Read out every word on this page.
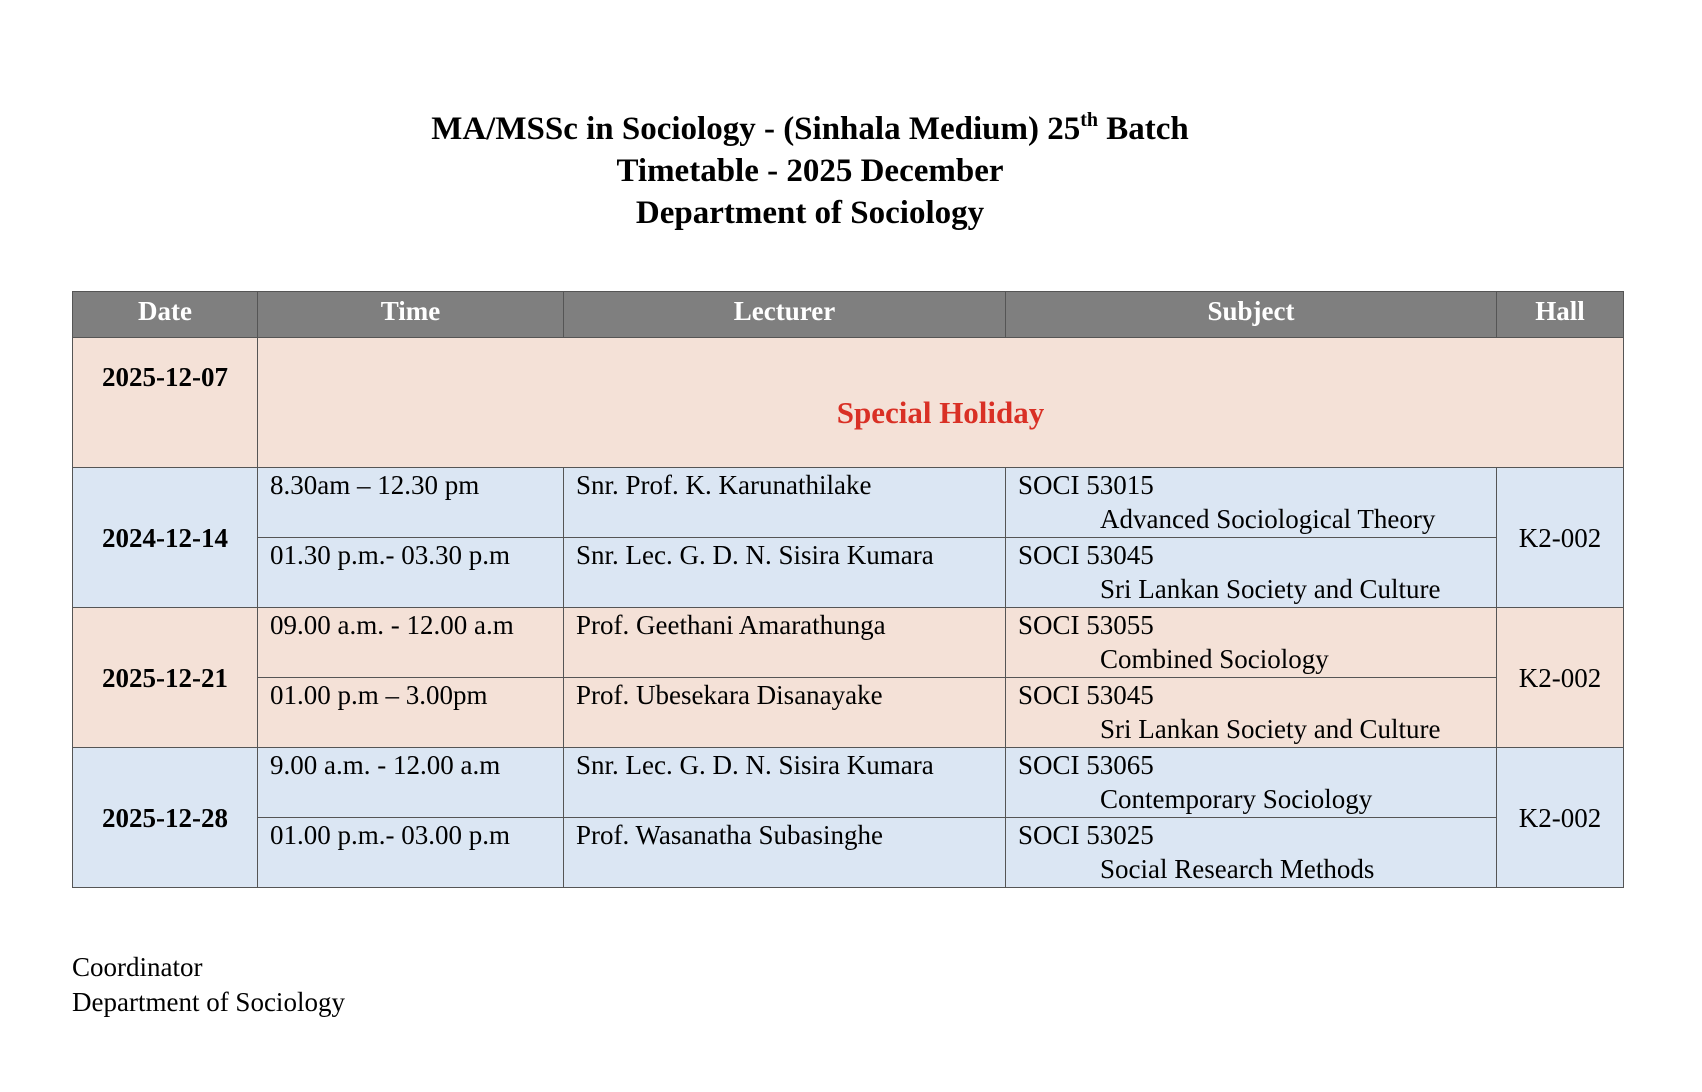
MA/MSSc in Sociology - (Sinhala Medium) 25th Batch
Timetable - 2025 December
Department of Sociology
Date	Time	Lecturer	Subject	Hall
2025-12-07	Special Holiday			
2024-12-14	8.30am – 12.30 pm	Snr. Prof. K. Karunathilake	SOCI 53015
Advanced Sociological Theory	K2-002
	01.30 p.m.- 03.30 p.m	Snr. Lec. G. D. N. Sisira Kumara	SOCI 53045
Sri Lankan Society and Culture	

2025-12-21	09.00 a.m. - 12.00 a.m	Prof. Geethani Amarathunga	SOCI 53055
Combined Sociology	K2-002
	01.00 p.m – 3.00pm	Prof. Ubesekara Disanayake	SOCI 53045
Sri Lankan Society and Culture	

2025-12-28	9.00 a.m. - 12.00 a.m	Snr. Lec. G. D. N. Sisira Kumara	SOCI 53065
Contemporary Sociology	K2-002
	01.00 p.m.- 03.00 p.m	Prof. Wasanatha Subasinghe	SOCI 53025
Social Research Methods	
Coordinator
Department of Sociology
